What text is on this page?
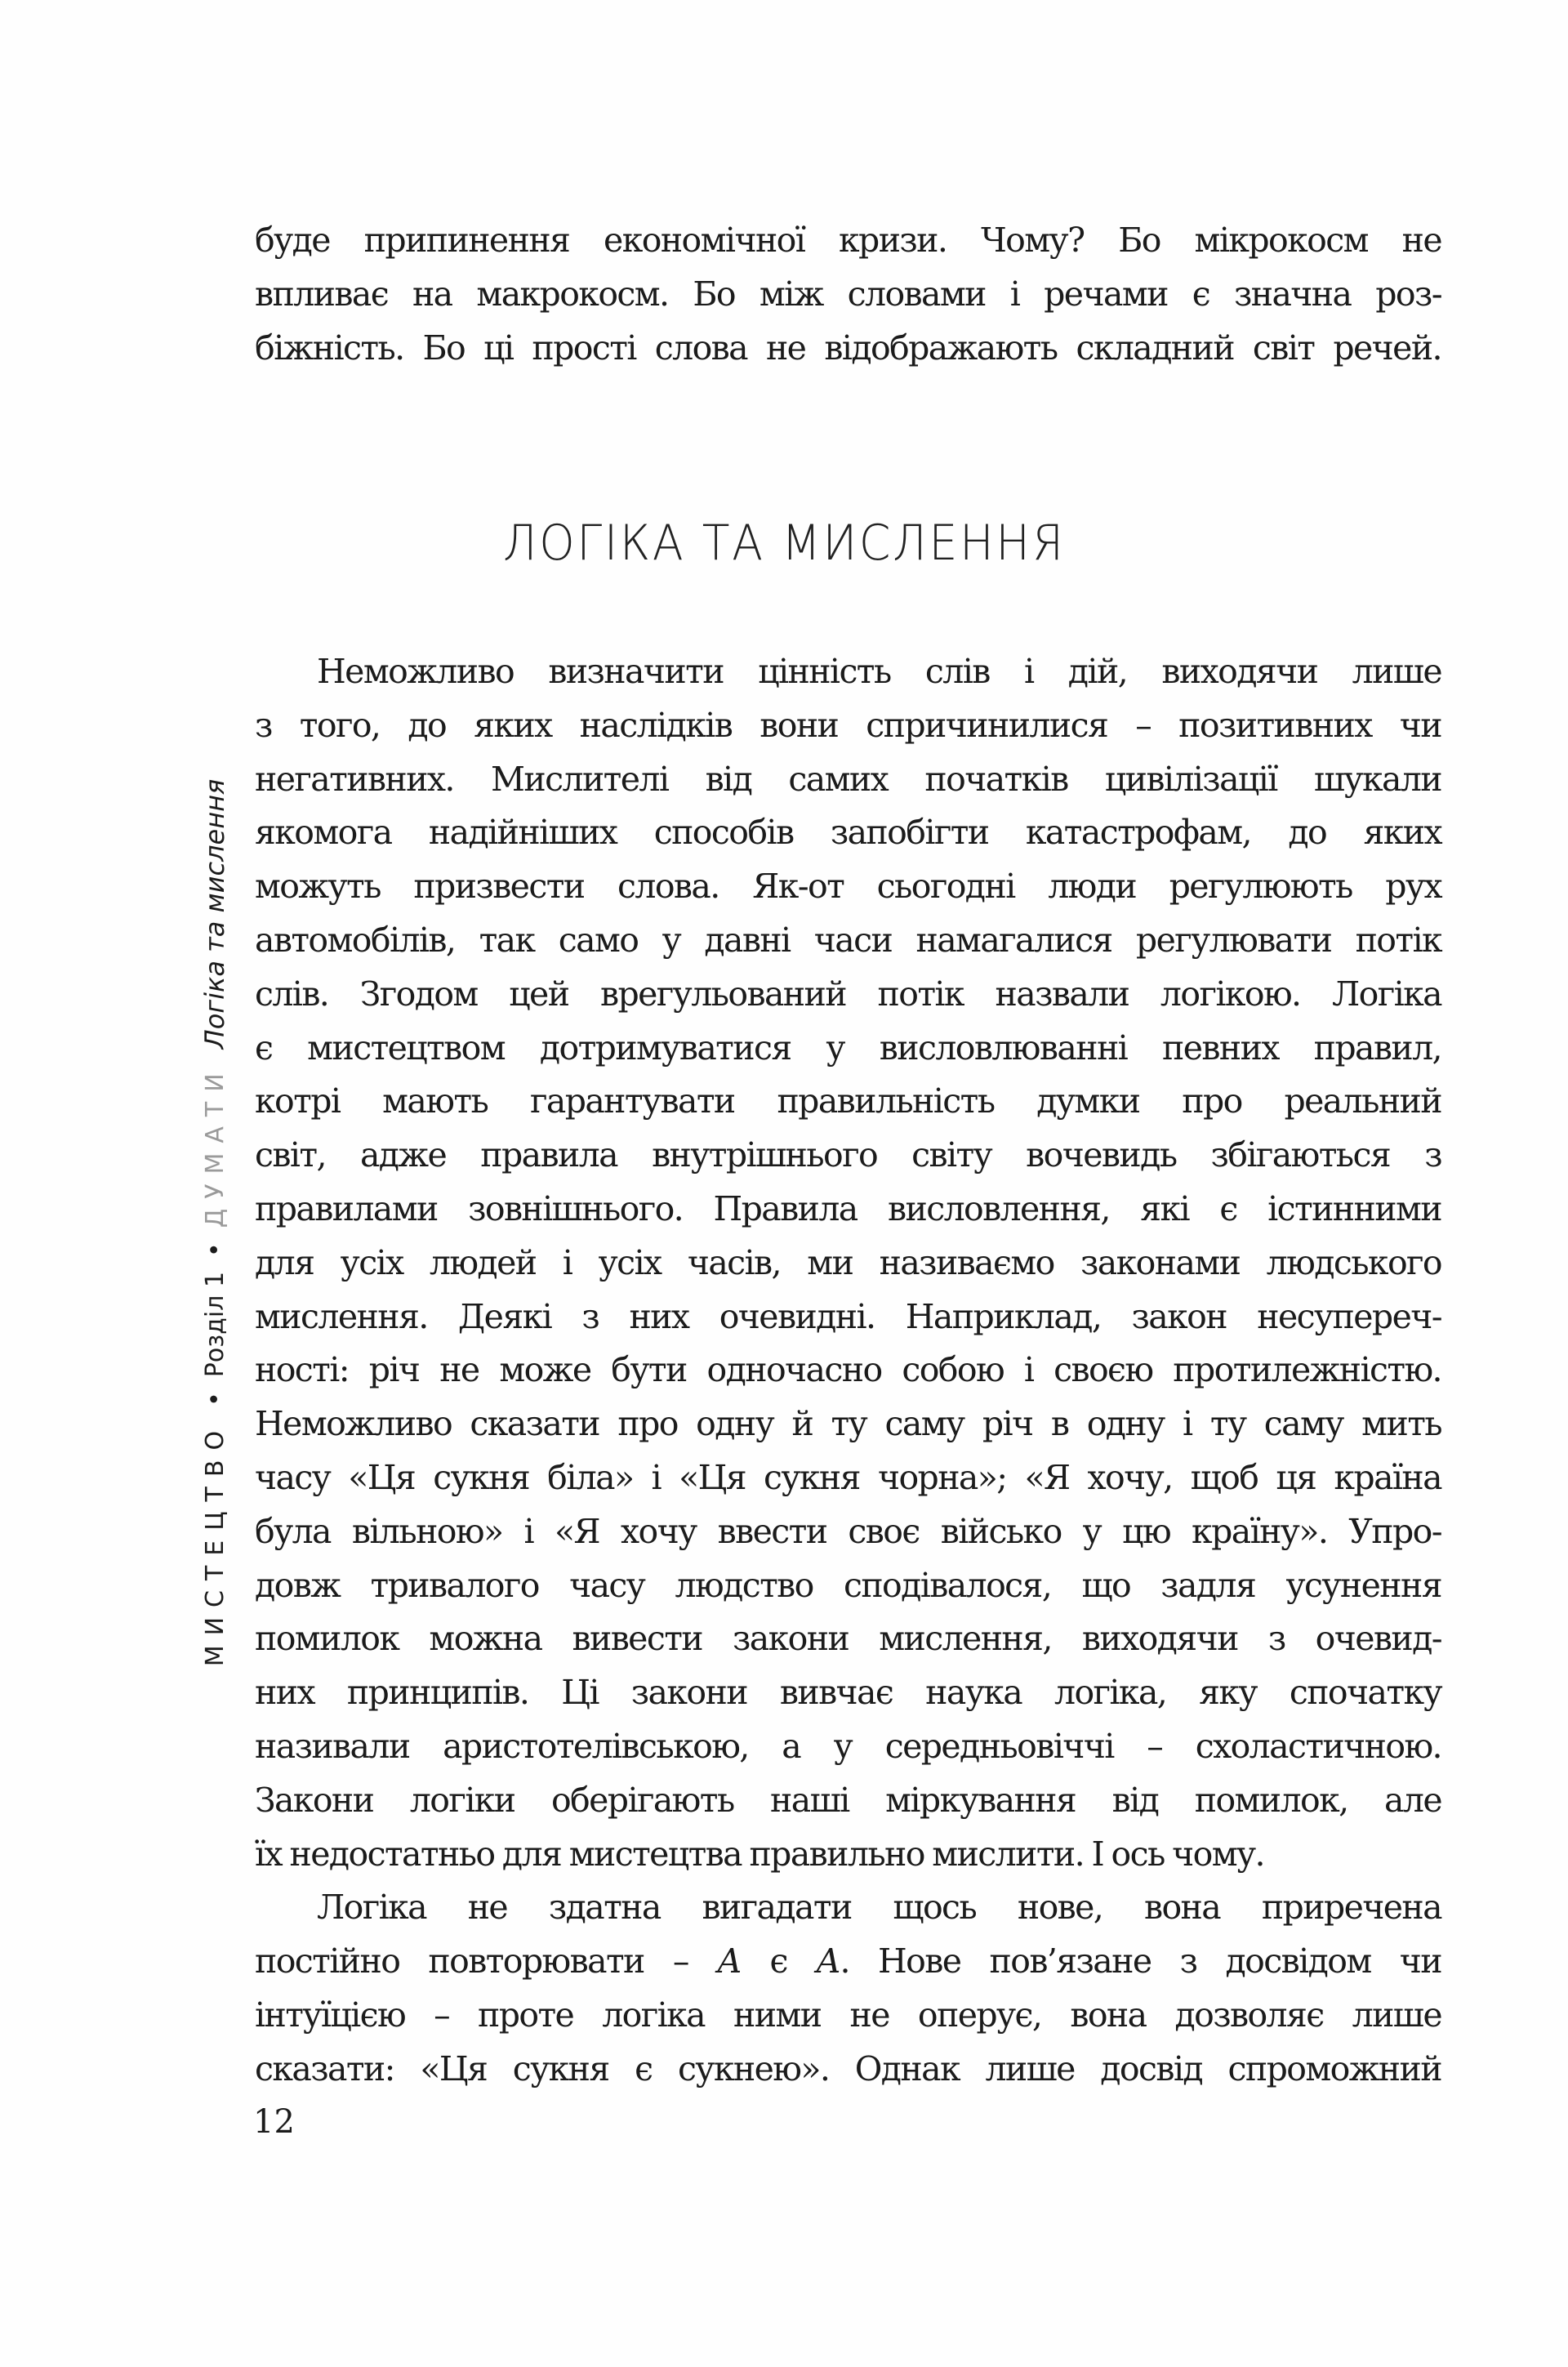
МИСТЕЦТВО
•
Розділ 1
•
ДУМАТИ
Логіка та мислення
буде припинення економічної кризи. Чому? Бо мікрокосм не
впливає на макрокосм. Бо між словами і речами є значна роз-
біжність. Бо ці прості слова не відображають складний світ речей.
ЛОГІКА ТА МИСЛЕННЯ
Неможливо визначити цінність слів і дій, виходячи лише
з того, до яких наслідків вони спричинилися – позитивних чи
негативних. Мислителі від самих початків цивілізації шукали
якомога надійніших способів запобігти катастрофам, до яких
можуть призвести слова. Як-от сьогодні люди регулюють рух
автомобілів, так само у давні часи намагалися регулювати потік
слів. Згодом цей врегульований потік назвали логікою. Логіка
є мистецтвом дотримуватися у висловлюванні певних правил,
котрі мають гарантувати правильність думки про реальний
світ, адже правила внутрішнього світу вочевидь збігаються з
правилами зовнішнього. Правила висловлення, які є істинними
для усіх людей і усіх часів, ми називаємо законами людського
мислення. Деякі з них очевидні. Наприклад, закон несупереч-
ності: річ не може бути одночасно собою і своєю протилежністю.
Неможливо сказати про одну й ту саму річ в одну і ту саму мить
часу «Ця сукня біла» і «Ця сукня чорна»; «Я хочу, щоб ця країна
була вільною» і «Я хочу ввести своє військо у цю країну». Упро-
довж тривалого часу людство сподівалося, що задля усунення
помилок можна вивести закони мислення, виходячи з очевид-
них принципів. Ці закони вивчає наука логіка, яку спочатку
називали аристотелівською, а у середньовіччі – схоластичною.
Закони логіки оберігають наші міркування від помилок, але
їх недостатньо для мистецтва правильно мислити. І ось чому.
Логіка не здатна вигадати щось нове, вона приречена
постійно повторювати – А є А. Нове пов’язане з досвідом чи
інтуїцією – проте логіка ними не оперує, вона дозволяє лише
сказати: «Ця сукня є сукнею». Однак лише досвід спроможний
12
